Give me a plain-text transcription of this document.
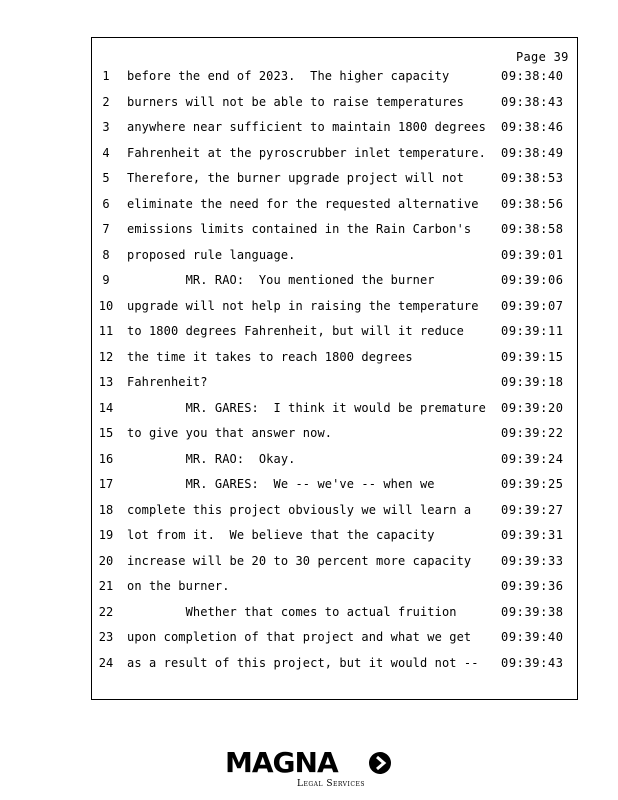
Page 39
1	before the end of 2023.  The higher capacity	09:38:40
2	burners will not be able to raise temperatures	09:38:43
3	anywhere near sufficient to maintain 1800 degrees 09:38:46
4	Fahrenheit at the pyroscrubber inlet temperature. 09:38:49
5	Therefore, the burner upgrade project will not	09:38:53
6	eliminate the need for the requested alternative 09:38:56
7	emissions limits contained in the Rain Carbon's 09:38:58
8	proposed rule language.	09:39:01
9	MR. RAO:  You mentioned the burner	09:39:06
10 upgrade will not help in raising the temperature 09:39:07
11 to 1800 degrees Fahrenheit, but will it reduce	09:39:11
12 the time it takes to reach 1800 degrees	09:39:15
13 Fahrenheit?	09:39:18
14 MR. GARES:  I think it would be premature 09:39:20
15 to give you that answer now.	09:39:22
16 MR. RAO:  Okay.	09:39:24
17 MR. GARES:  We -- we've -- when we	09:39:25
18 complete this project obviously we will learn a 09:39:27
19 lot from it.  We believe that the capacity	09:39:31
20 increase will be 20 to 30 percent more capacity 09:39:33
21 on the burner.	09:39:36
22 Whether that comes to actual fruition	09:39:38
23 upon completion of that project and what we get 09:39:40
24 as a result of this project, but it would not -- 09:39:43
MAGNA
Legal Services
